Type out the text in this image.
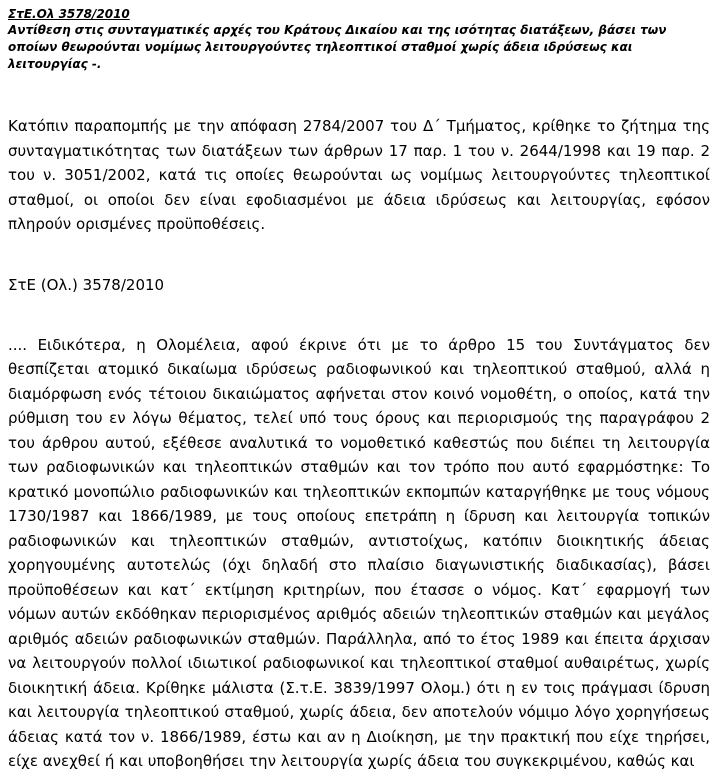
ΣτΕ.Ολ 3578/2010

Αντίθεση στις συνταγματικές αρχές του Κράτους Δικαίου και της ισότητας διατάξεων, βάσει των οποίων θεωρούνται νομίμως λειτουργούντες τηλεοπτικοί σταθμοί χωρίς άδεια ιδρύσεως και λειτουργίας -.

Κατόπιν παραπομπής με την απόφαση 2784/2007 του Δ΄ Τμήματος, κρίθηκε το ζήτημα της συνταγματικότητας των διατάξεων των άρθρων 17 παρ. 1 του ν. 2644/1998 και 19 παρ. 2 του ν. 3051/2002, κατά τις οποίες θεωρούνται ως νομίμως λειτουργούντες τηλεοπτικοί σταθμοί, οι οποίοι δεν είναι εφοδιασμένοι με άδεια ιδρύσεως και λειτουργίας, εφόσον πληρούν ορισμένες προϋποθέσεις.

ΣτΕ (Ολ.) 3578/2010

.... Ειδικότερα, η Ολομέλεια, αφού έκρινε ότι με το άρθρο 15 του Συντάγματος δεν θεσπίζεται ατομικό δικαίωμα ιδρύσεως ραδιοφωνικού και τηλεοπτικού σταθμού, αλλά η διαμόρφωση ενός τέτοιου δικαιώματος αφήνεται στον κοινό νομοθέτη, ο οποίος, κατά την ρύθμιση του εν λόγω θέματος, τελεί υπό τους όρους και περιορισμούς της παραγράφου 2 του άρθρου αυτού, εξέθεσε αναλυτικά το νομοθετικό καθεστώς που διέπει τη λειτουργία των ραδιοφωνικών και τηλεοπτικών σταθμών και τον τρόπο που αυτό εφαρμόστηκε: Το κρατικό μονοπώλιο ραδιοφωνικών και τηλεοπτικών εκπομπών καταργήθηκε με τους νόμους 1730/1987 και 1866/1989, με τους οποίους επετράπη η ίδρυση και λειτουργία τοπικών ραδιοφωνικών και τηλεοπτικών σταθμών, αντιστοίχως, κατόπιν διοικητικής άδειας χορηγουμένης αυτοτελώς (όχι δηλαδή στο πλαίσιο διαγωνιστικής διαδικασίας), βάσει προϋποθέσεων και κατ΄ εκτίμηση κριτηρίων, που έτασσε ο νόμος. Κατ΄ εφαρμογή των νόμων αυτών εκδόθηκαν περιορισμένος αριθμός αδειών τηλεοπτικών σταθμών και μεγάλος αριθμός αδειών ραδιοφωνικών σταθμών. Παράλληλα, από το έτος 1989 και έπειτα άρχισαν να λειτουργούν πολλοί ιδιωτικοί ραδιοφωνικοί και τηλεοπτικοί σταθμοί αυθαιρέτως, χωρίς διοικητική άδεια. Κρίθηκε μάλιστα (Σ.τ.Ε. 3839/1997 Ολομ.) ότι η εν τοις πράγμασι ίδρυση και λειτουργία τηλεοπτικού σταθμού, χωρίς άδεια, δεν αποτελούν νόμιμο λόγο χορηγήσεως άδειας κατά τον ν. 1866/1989, έστω και αν η Διοίκηση, με την πρακτική που είχε τηρήσει, είχε ανεχθεί ή και υποβοηθήσει την λειτουργία χωρίς άδεια του συγκεκριμένου, καθώς και
